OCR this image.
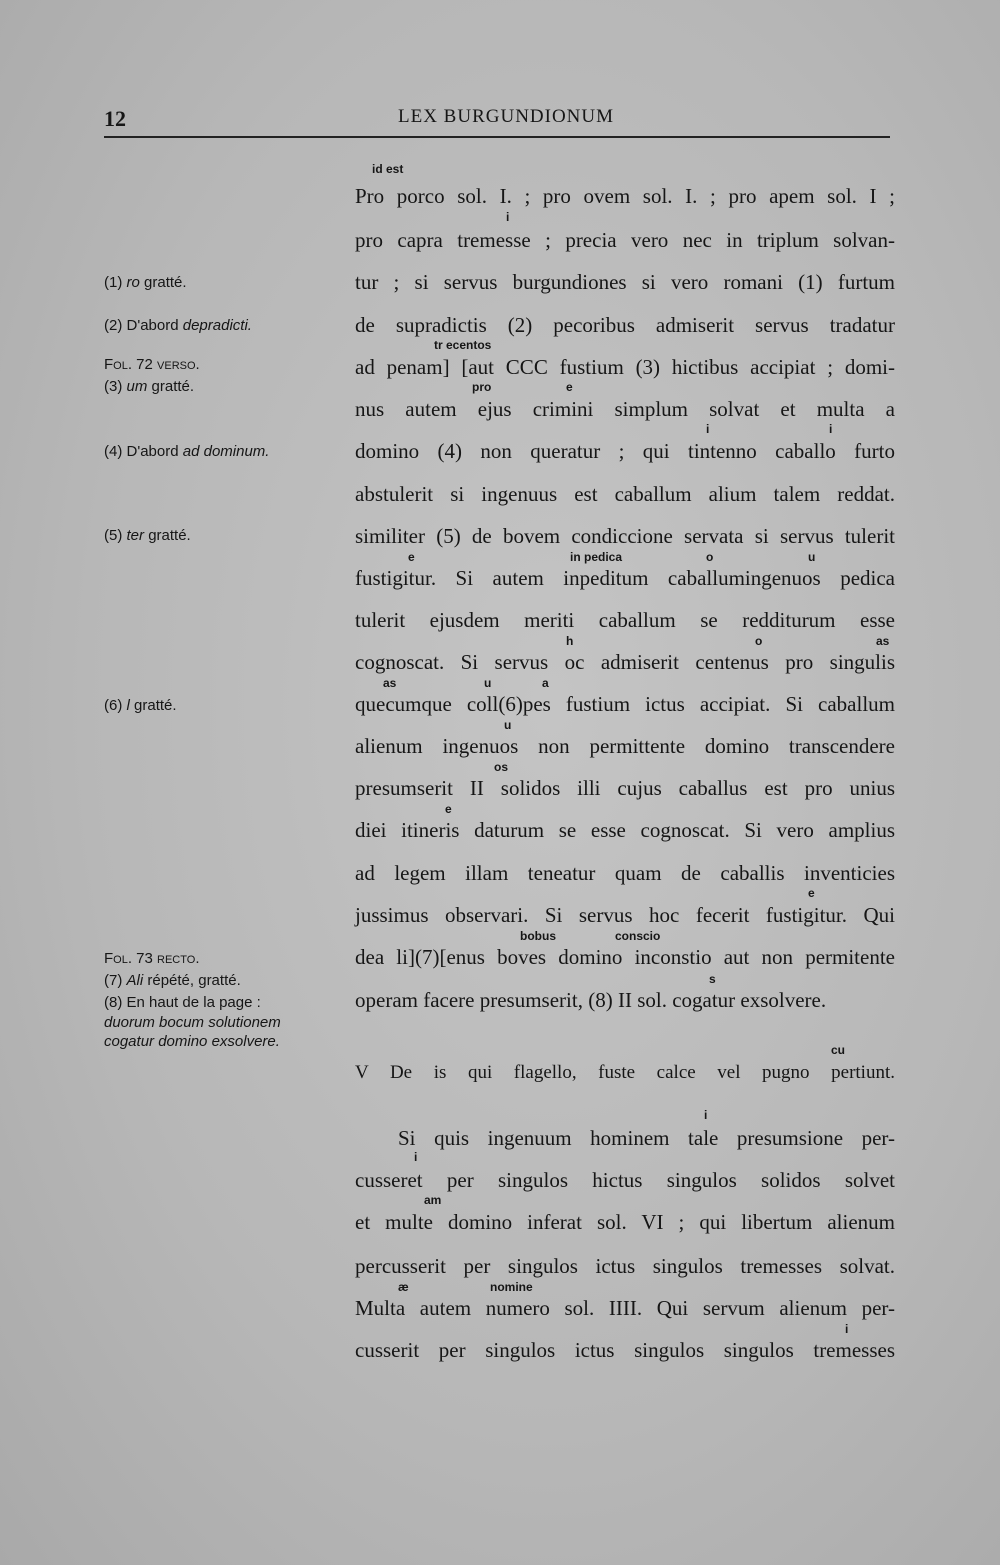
12	LEX BURGUNDIONUM
(1) ro gratté.
(2) D'abord depradicti.
Fol. 72 verso.
(3) um gratté.
(4) D'abord ad dominum.
(5) ter gratté.
(6) l gratté.
Fol. 73 recto.
(7) Ali répété, gratté.
(8) En haut de la page :
duorum bocum solutionem
cogatur domino exsolvere.
Pro porco sol. I. ; pro ovem sol. I. ; pro apem sol. I ;
pro capra tremesse ; precia vero nec in triplum solvan-
tur ; si servus burgundiones si vero romani (1) furtum
de supradictis (2) pecoribus admiserit servus tradatur
ad penam] [aut CCC fustium (3) hictibus accipiat ; domi-
nus autem ejus crimini simplum solvat et multa a
domino (4) non queratur ; qui tintenno caballo furto
abstulerit si ingenuus est caballum alium talem reddat.
similiter (5) de bovem condiccione servata si servus tulerit
fustigitur. Si autem inpeditum caballumingenuos pedica
tulerit ejusdem meriti caballum se redditurum esse
cognoscat. Si servus oc admiserit centenus pro singulis
quecumque coll(6)pes fustium ictus accipiat. Si caballum
alienum ingenuos non permittente domino transcendere
presumserit II solidos illi cujus caballus est pro unius
diei itineris daturum se esse cognoscat. Si vero amplius
ad legem illam teneatur quam de caballis inventicies
jussimus observari. Si servus hoc fecerit fustigitur. Qui
dea li](7)[enus boves domino inconstio aut non permitente
operam facere presumserit, (8) II sol. cogatur exsolvere.
V De is qui flagello, fuste calce vel pugno pertiunt.
Si quis ingenuum hominem tale presumsione per-
cusseret per singulos hictus singulos solidos solvet
et multe domino inferat sol. VI ; qui libertum alienum
percusserit per singulos ictus singulos tremesses solvat.
Multa autem numero sol. IIII. Qui servum alienum per-
cusserit per singulos ictus singulos singulos tremesses
id est
i
tr ecentos
pro	e
i	i
e	in pedica	o	u
h	o	as
as	u	a
u
os
e
e
bobus	conscio
s
cu
i
i
am
æ	nomine
i
